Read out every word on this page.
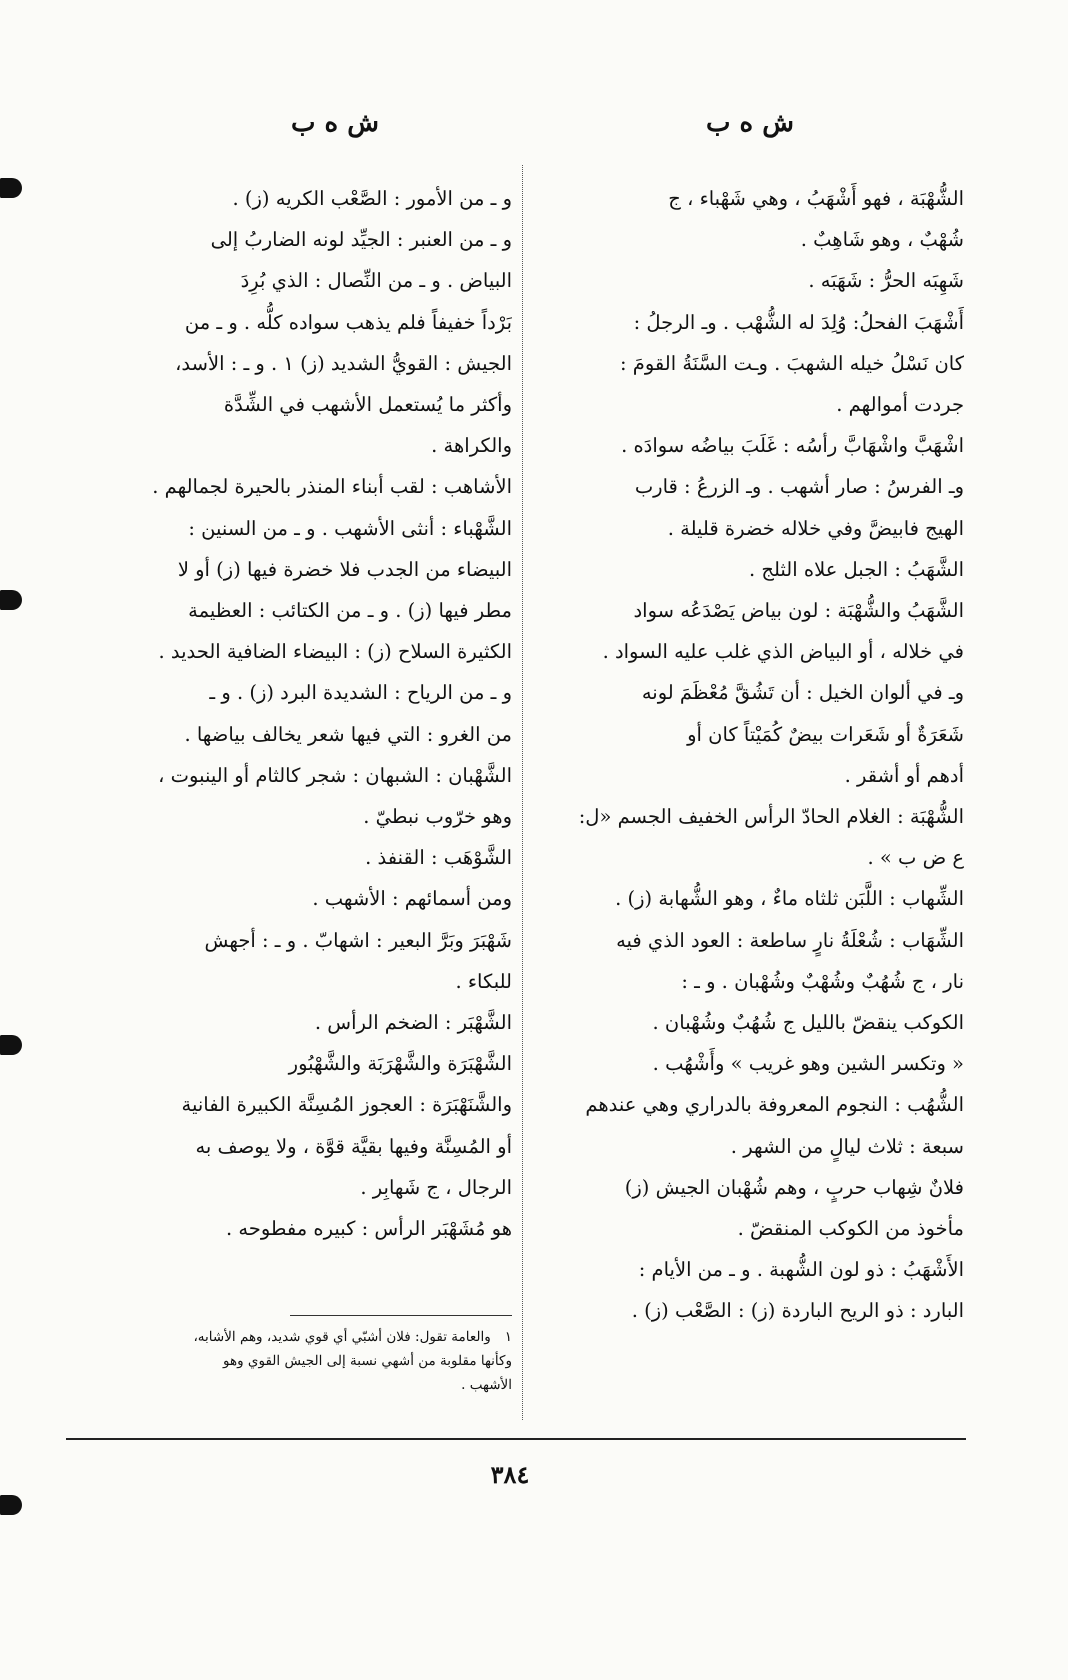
ش ه ب
ش ه ب
الشُّهْبَة ، فهو أَشْهَبُ ، وهي شَهْباء ، ج
شُهْبٌ ، وهو شَاهِبٌ .
شَهِبَه الحرُّ : شَهَبَه .
أَشْهَبَ الفحلُ: وُلِدَ له الشُّهْب . وـ الرجلُ :
كان نَسْلُ خيله الشهبَ . وـت السَّنَةُ القومَ :
جردت أموالهم .
اشْهَبَّ واشْهَابَّ رأسُه : غَلَبَ بياضُه سوادَه .
وـ الفرسُ : صار أشهب . وـ الزرعُ : قارب
الهيج فابيضَّ وفي خلاله خضرة قليلة .
الشَّهَبُ : الجبل علاه الثلج .
الشَّهَبُ والشُّهْبَة : لون بياض يَصْدَعُه سواد
في خلاله ، أو البياض الذي غلب عليه السواد .
وـ في ألوان الخيل : أن تَشُقَّ مُعْظَمَ لونه
شَعَرَةٌ أو شَعَرات بيضٌ كُمَيْتاً كان أو
أدهم أو أشقر .
الشُّهْبَة : الغلام الحادّ الرأس الخفيف الجسم «ل:
ع ض ب » .
الشِّهاب : اللَّبَن ثلثاه ماءٌ ، وهو الشُّهابة (ز) .
الشِّهَاب : شُعْلَةُ نارٍ ساطعة : العود الذي فيه
نار ، ج شُهُبٌ وشُهْبٌ وشُهْبان . و ـ :
الكوكب ينقضّ بالليل ج شُهُبٌ وشُهْبان .
« وتكسر الشين وهو غريب » وأَشْهُب .
الشُّهُب : النجوم المعروفة بالدراري وهي عندهم
سبعة : ثلاث ليالٍ من الشهر .
فلانٌ شِهاب حربٍ ، وهم شُهْبان الجيش (ز)
مأخوذ من الكوكب المنقضّ .
الأَشْهَبُ : ذو لون الشُّهبة . و ـ من الأيام :
البارد : ذو الريح الباردة (ز) : الصَّعْب (ز) .
و ـ من الأمور : الصَّعْب الكريه (ز) .
و ـ من العنبر : الجيِّد لونه الضاربُ إلى
البياض . و ـ من النِّصال : الذي بُرِدَ
بَرْداً خفيفاً فلم يذهب سواده كلُّه . و ـ من
الجيش : القويُّ الشديد (ز) ١ . و ـ : الأسد،
وأكثر ما يُستعمل الأشهب في الشِّدَّة
والكراهة .
الأشاهب : لقب أبناء المنذر بالحيرة لجمالهم .
الشَّهْباء : أنثى الأشهب . و ـ من السنين :
البيضاء من الجدب فلا خضرة فيها (ز) أو لا
مطر فيها (ز) . و ـ من الكتائب : العظيمة
الكثيرة السلاح (ز) : البيضاء الضافية الحديد .
و ـ من الرياح : الشديدة البرد (ز) . و ـ
من الغرو : التي فيها شعر يخالف بياضها .
الشَّهْبان : الشبهان : شجر كالثام أو الينبوت ،
وهو خرّوب نبطيّ .
الشَّوْهَب : القنفذ .
ومن أسمائهم : الأشهب .
شَهْبَرَ وبَرَّ البعير : اشهابّ . و ـ : أجهش
للبكاء .
الشَّهْبَر : الضخم الرأس .
الشَّهْبَرَة والشَّهْرَبَة والشَّهْبُور
والشَّنَهْبَرَة : العجوز المُسِنَّة الكبيرة الفانية
أو المُسِنَّة وفيها بقيَّة قوَّة ، ولا يوصف به
الرجال ، ج شَهابِر .
هو مُشَهْبَر الرأس : كبيره مفطوحه .
١والعامة تقول: فلان أشبّي أي قوي شديد، وهم الأشابه،
وكأنها مقلوبة من أشهي نسبة إلى الجيش القوي وهو
الأشهب .
٣٨٤
